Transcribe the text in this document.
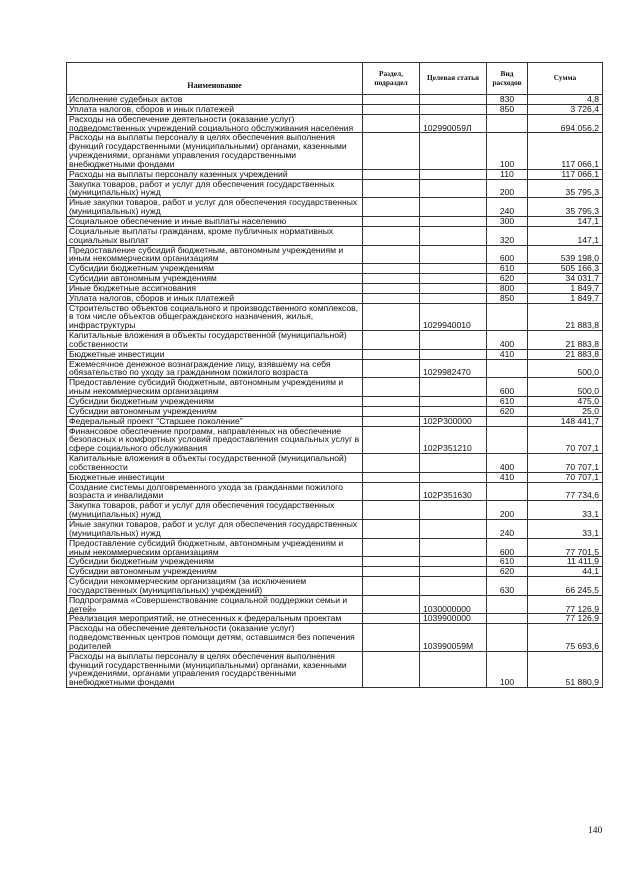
Наименование	Раздел, подраздел	Целевая статья	Вид расходов	Сумма
Исполнение судебных актов			830	4,8
Уплата налогов, сборов и иных платежей			850	3 726,4
Расходы на обеспечение деятельности (оказание услуг) подведомственных учреждений социального обслуживания населения		102990059Л		694 056,2
Расходы на выплаты персоналу в целях обеспечения выполнения функций государственными (муниципальными) органами, казенными учреждениями, органами управления государственными внебюджетными фондами			100	117 066,1
Расходы на выплаты персоналу казенных учреждений			110	117 066,1
Закупка товаров, работ и услуг для обеспечения государственных (муниципальных) нужд			200	35 795,3
Иные закупки товаров, работ и услуг для обеспечения государственных (муниципальных) нужд			240	35 795,3
Социальное обеспечение и иные выплаты населению			300	147,1
Социальные выплаты гражданам, кроме публичных нормативных социальных выплат			320	147,1
Предоставление субсидий бюджетным, автономным учреждениям и иным некоммерческим организациям			600	539 198,0
Субсидии бюджетным учреждениям			610	505 166,3
Субсидии автономным учреждениям			620	34 031,7
Иные бюджетные ассигнования			800	1 849,7
Уплата налогов, сборов и иных платежей			850	1 849,7
Строительство объектов социального и производственного комплексов, в том числе объектов общегражданского назначения, жилья, инфраструктуры		1029940010		21 883,8
Капитальные вложения в объекты государственной (муниципальной) собственности			400	21 883,8
Бюджетные инвестиции			410	21 883,8
Ежемесячное денежное вознаграждение лицу, взявшему на себя обязательство по уходу за гражданином пожилого возраста		1029982470		500,0
Предоставление субсидий бюджетным, автономным учреждениям и иным некоммерческим организациям			600	500,0
Субсидии бюджетным учреждениям			610	475,0
Субсидии автономным учреждениям			620	25,0
Федеральный проект "Старшее поколение"		102P300000		148 441,7
Финансовое обеспечение программ, направленных на обеспечение безопасных и комфортных условий предоставления социальных услуг в сфере социального обслуживания		102P351210		70 707,1
Капитальные вложения в объекты государственной (муниципальной) собственности			400	70 707,1
Бюджетные инвестиции			410	70 707,1
Создание системы долговременного ухода за гражданами пожилого возраста и инвалидами		102P351630		77 734,6
Закупка товаров, работ и услуг для обеспечения государственных (муниципальных) нужд			200	33,1
Иные закупки товаров, работ и услуг для обеспечения государственных (муниципальных) нужд			240	33,1
Предоставление субсидий бюджетным, автономным учреждениям и иным некоммерческим организациям			600	77 701,5
Субсидии бюджетным учреждениям			610	11 411,9
Субсидии автономным учреждениям			620	44,1
Субсидии некоммерческим организациям (за исключением государственных (муниципальных) учреждений)			630	66 245,5
Подпрограмма «Совершенствование социальной поддержки семьи и детей»		1030000000		77 126,9
Реализация мероприятий, не отнесенных к федеральным проектам		1039900000		77 126,9
Расходы на обеспечение деятельности (оказание услуг) подведомственных центров помощи детям, оставшимся без попечения родителей		103990059М		75 693,6
Расходы на выплаты персоналу в целях обеспечения выполнения функций государственными (муниципальными) органами, казенными учреждениями, органами управления государственными внебюджетными фондами			100	51 880,9
140
